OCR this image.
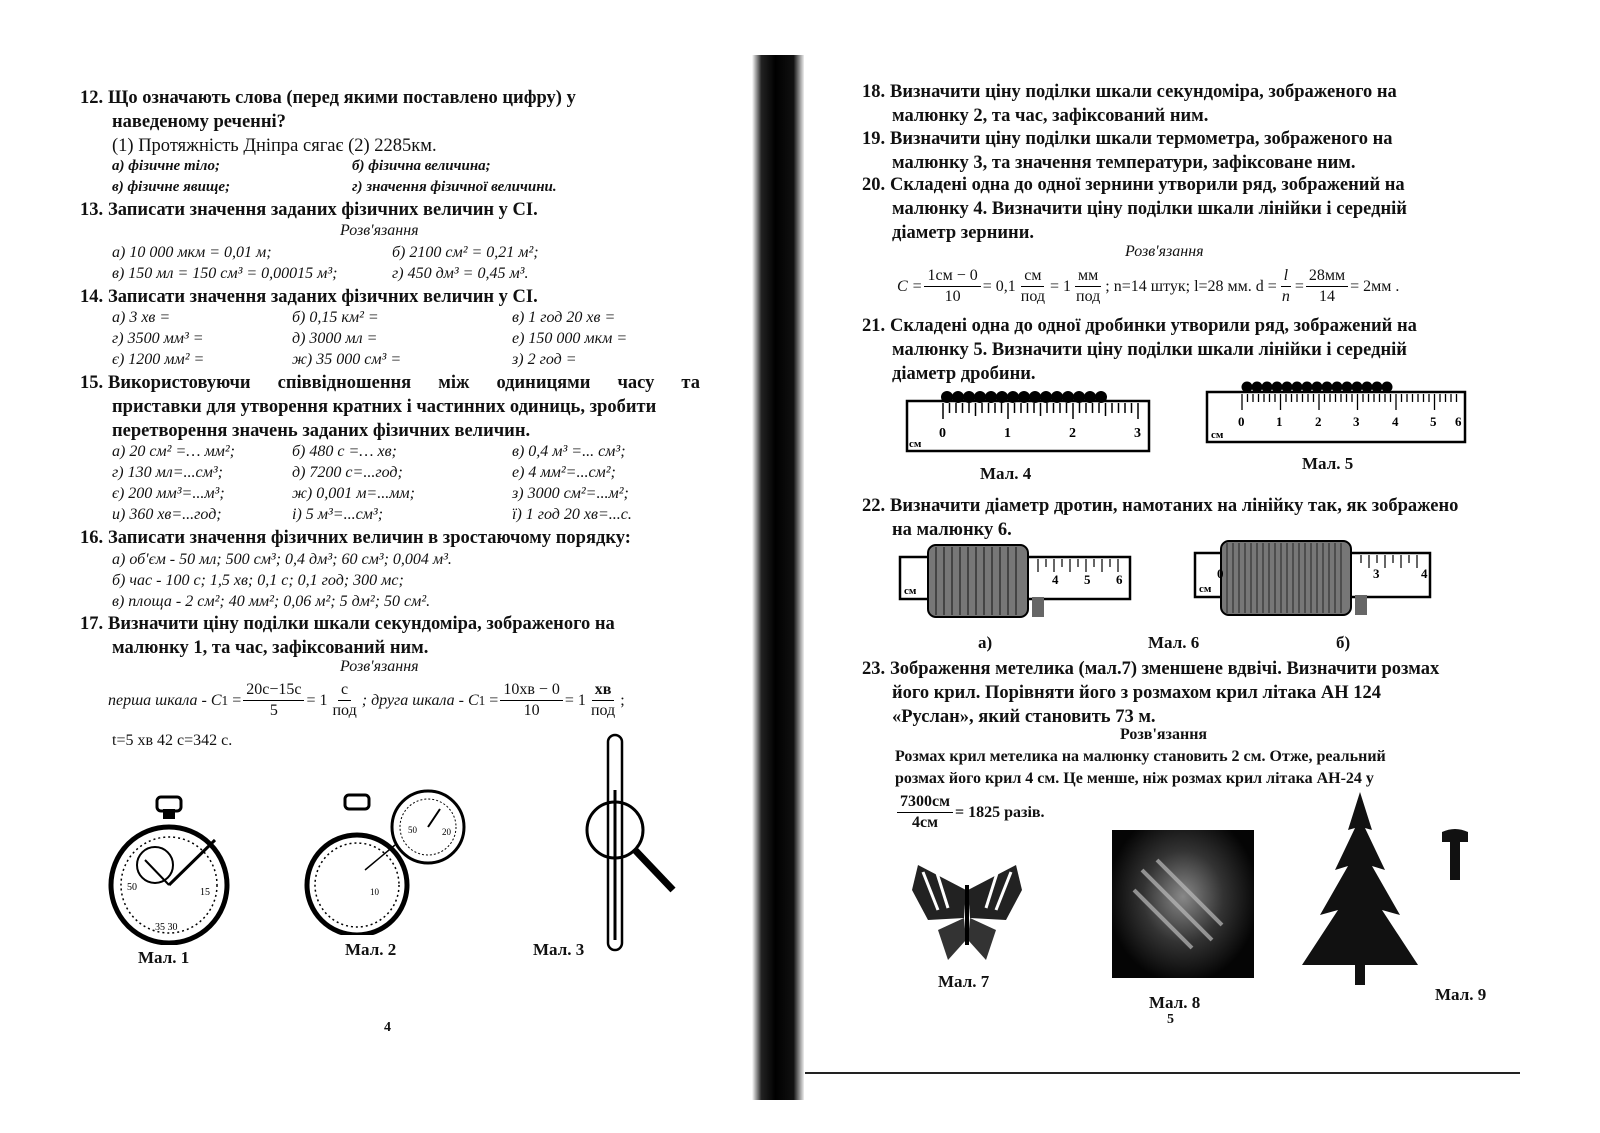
12. Що означають слова (перед якими поставлено цифру) у
наведеному реченні?
(1) Протяжність Дніпра сягає (2) 2285км.
а) фізичне тіло;	б) фізична величина;
в) фізичне явище;	г) значення фізичної величини.
13. Записати значення заданих фізичних величин у СІ.
Розв'язання
а) 10 000 мкм = 0,01 м;	б) 2100 см² = 0,21 м²;
в) 150 мл = 150 см³ = 0,00015 м³;	г) 450 дм³ = 0,45 м³.
14. Записати значення заданих фізичних величин у СІ.
а) 3 хв =	б) 0,15 км² =	в) 1 год 20 хв =
г) 3500 мм³ =	д) 3000 мл =	е) 150 000 мкм =
є) 1200 мм² =	ж) 35 000 см³ =	з) 2 год =
15. Використовуючи співвідношення між одиницями часу та
приставки для утворення кратних і частинних одиниць, зробити
перетворення значень заданих фізичних величин.
а) 20 см² =… мм²;	б) 480 с =… хв;	в) 0,4 м³ =... см³;
г) 130 мл=...см³;	д) 7200 с=...год;	е) 4 мм²=...см²;
є) 200 мм³=...м³;	ж) 0,001 м=...мм;	з) 3000 см²=...м²;
и) 360 хв=...год;	і) 5 м³=...см³;	ї) 1 год 20 хв=...с.
16. Записати значення фізичних величин в зростаючому порядку:
а) об'єм - 50 мл; 500 см³; 0,4 дм³; 60 см³; 0,004 м³.
б) час - 100 с; 1,5 хв; 0,1 с; 0,1 год; 300 мс;
в) площа - 2 см²; 40 мм²; 0,06 м²; 5 дм²; 50 см².
17. Визначити ціну поділки шкали секундоміра, зображеного на
малюнку 1, та час, зафіксований ним.
Розв'язання
перша шкала - C $1 = \frac{20с-15с}{5} = 1 \frac{с}{\text{под}}$ ; друга шкала - C $1 = \frac{10хв - 0}{10} = 1 \frac{хв}{\text{под}}$ ;
t=5 хв 42 с=342 с.
50	15
35 30
Мал. 1
50	20
10
Мал. 2	Мал. 3
4
18. Визначити ціну поділки шкали секундоміра, зображеного на
малюнку 2, та час, зафіксований ним.
19. Визначити ціну поділки шкали термометра, зображеного на
малюнку 3, та значення температури, зафіксоване ним.
20. Складені одна до одної зернини утворили ряд, зображений на
малюнку 4. Визначити ціну поділки шкали лінійки і середній
діаметр зернини.
Розв'язання
$C = \frac{1см - 0}{10} = 0,1 \frac{см}{\text{под}} = 1 \frac{мм}{\text{под}}$ ; n=14 штук; l=28 мм. $d = \frac{l}{n} = \frac{28мм}{14} = 2мм$ .
21. Складені одна до одної дробинки утворили ряд, зображений на
малюнку 5. Визначити ціну поділки шкали лінійки і середній
діаметр дробини.
см
0	1	2	3
Мал. 4
см
0 1	2 3	4 5 6
Мал. 5
22. Визначити діаметр дротин, намотаних на лінійку так, як зображено
на малюнку 6.
см
4 5 6
см
0	3	4
а)	Мал. 6	б)
23. Зображення метелика (мал.7) зменшене вдвічі. Визначити розмах
його крил. Порівняти його з розмахом крил літака АН 124
«Руслан», який становить 73 м.
Розв'язання
Розмах крил метелика на малюнку становить 2 см. Отже, реальний
розмах його крил 4 см. Це менше, ніж розмах крил літака АН-24 у
$\frac{7300см}{4см} = 1825$ разів.
Мал. 7
Мал. 8	Мал. 9
5
